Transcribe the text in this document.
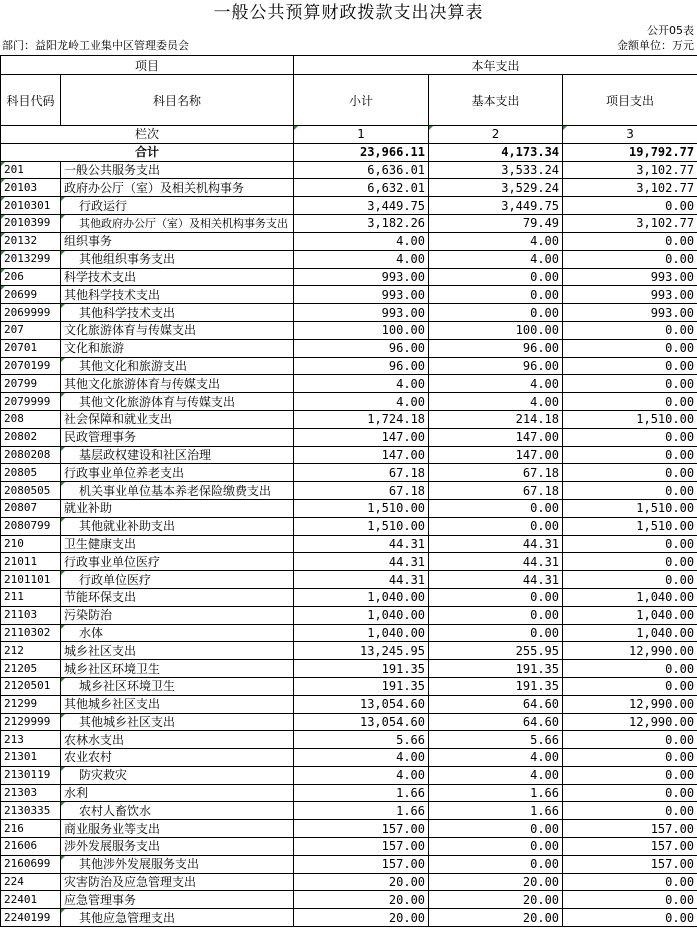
一般公共预算财政拨款支出决算表
公开05表
部门：益阳龙岭工业集中区管理委员会	金额单位：万元
项目		本年支出		
科目代码	科目名称	小计	基本支出	项目支出
栏次		1	2	3
合计		23,966.11	4,173.34	19,792.77

201	一般公共服务支出	6,636.01	3,533.24	3,102.77

20103	政府办公厅（室）及相关机构事务	6,632.01	3,529.24	3,102.77

2010301	行政运行	3,449.75	3,449.75	0.00

2010399	其他政府办公厅（室）及相关机构事务支出	3,182.26	79.49	3,102.77

20132	组织事务	4.00	4.00	0.00

2013299	其他组织事务支出	4.00	4.00	0.00

206	科学技术支出	993.00	0.00	993.00

20699	其他科学技术支出	993.00	0.00	993.00
2069999	其他科学技术支出	993.00	0.00	993.00
207	文化旅游体育与传媒支出	100.00	100.00	0.00
20701	文化和旅游	96.00	96.00	0.00
2070199	其他文化和旅游支出	96.00	96.00	0.00
20799	其他文化旅游体育与传媒支出	4.00	4.00	0.00
2079999	其他文化旅游体育与传媒支出	4.00	4.00	0.00
208	社会保障和就业支出	1,724.18	214.18	1,510.00
20802	民政管理事务	147.00	147.00	0.00
2080208	基层政权建设和社区治理	147.00	147.00	0.00
20805	行政事业单位养老支出	67.18	67.18	0.00
2080505	机关事业单位基本养老保险缴费支出	67.18	67.18	0.00
20807	就业补助	1,510.00	0.00	1,510.00
2080799	其他就业补助支出	1,510.00	0.00	1,510.00
210	卫生健康支出	44.31	44.31	0.00
21011	行政事业单位医疗	44.31	44.31	0.00
2101101	行政单位医疗	44.31	44.31	0.00
211	节能环保支出	1,040.00	0.00	1,040.00
21103	污染防治	1,040.00	0.00	1,040.00
2110302	水体	1,040.00	0.00	1,040.00
212	城乡社区支出	13,245.95	255.95	12,990.00
21205	城乡社区环境卫生	191.35	191.35	0.00
2120501	城乡社区环境卫生	191.35	191.35	0.00
21299	其他城乡社区支出	13,054.60	64.60	12,990.00
2129999	其他城乡社区支出	13,054.60	64.60	12,990.00
213	农林水支出	5.66	5.66	0.00
21301	农业农村	4.00	4.00	0.00
2130119	防灾救灾	4.00	4.00	0.00
21303	水利	1.66	1.66	0.00
2130335	农村人畜饮水	1.66	1.66	0.00
216	商业服务业等支出	157.00	0.00	157.00
21606	涉外发展服务支出	157.00	0.00	157.00
2160699	其他涉外发展服务支出	157.00	0.00	157.00
224	灾害防治及应急管理支出	20.00	20.00	0.00
22401	应急管理事务	20.00	20.00	0.00
2240199	其他应急管理支出	20.00	20.00	0.00
